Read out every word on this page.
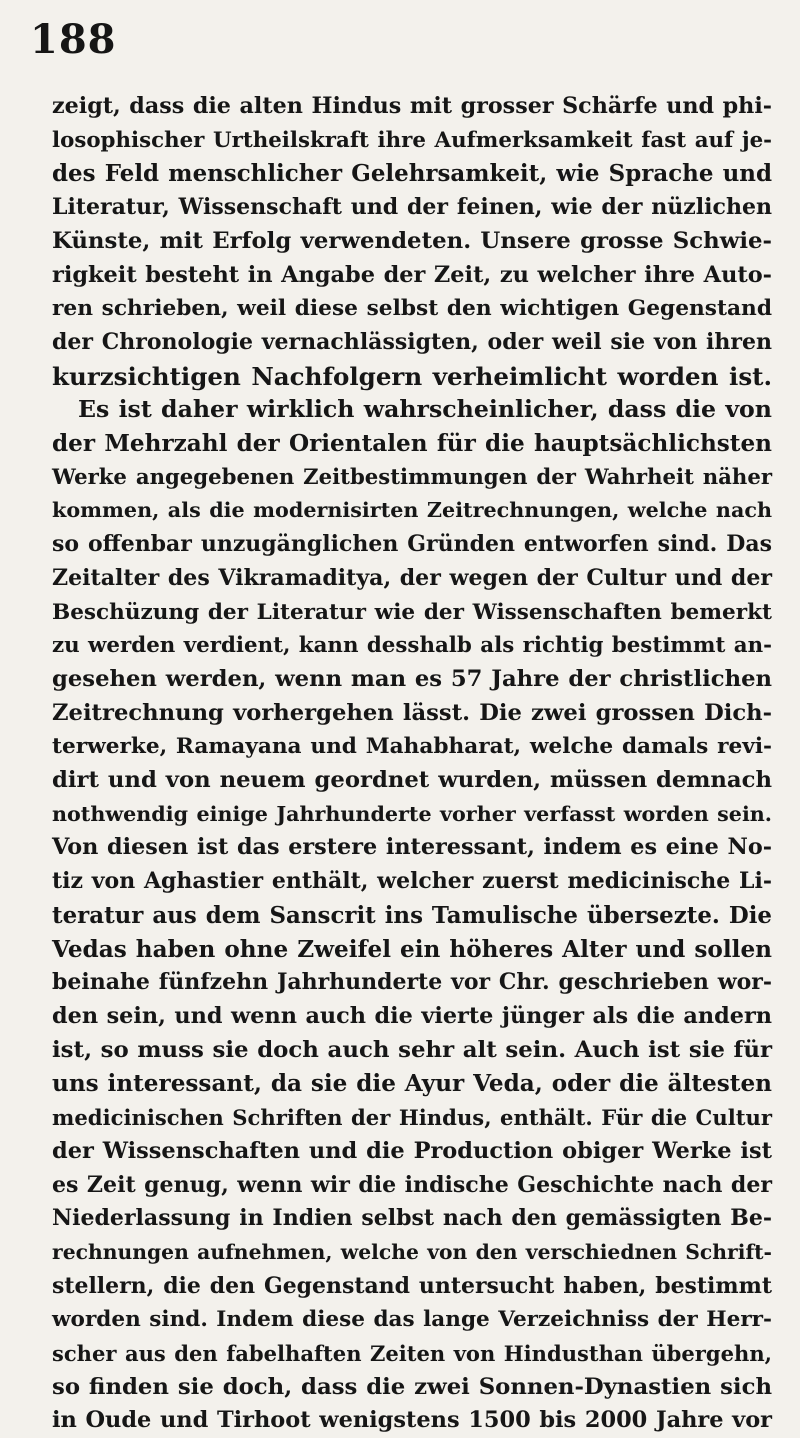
188
zeigt, dass die alten Hindus mit grosser Schärfe und phi-
losophischer Urtheilskraft ihre Aufmerksamkeit fast auf je-
des Feld menschlicher Gelehrsamkeit, wie Sprache und
Literatur, Wissenschaft und der feinen, wie der nüzlichen
Künste, mit Erfolg verwendeten. Unsere grosse Schwie-
rigkeit besteht in Angabe der Zeit, zu welcher ihre Auto-
ren schrieben, weil diese selbst den wichtigen Gegenstand
der Chronologie vernachlässigten, oder weil sie von ihren
kurzsichtigen Nachfolgern verheimlicht worden ist.
Es ist daher wirklich wahrscheinlicher, dass die von
der Mehrzahl der Orientalen für die hauptsächlichsten
Werke angegebenen Zeitbestimmungen der Wahrheit näher
kommen, als die modernisirten Zeitrechnungen, welche nach
so offenbar unzugänglichen Gründen entworfen sind. Das
Zeitalter des Vikramaditya, der wegen der Cultur und der
Beschüzung der Literatur wie der Wissenschaften bemerkt
zu werden verdient, kann desshalb als richtig bestimmt an-
gesehen werden, wenn man es 57 Jahre der christlichen
Zeitrechnung vorhergehen lässt. Die zwei grossen Dich-
terwerke, Ramayana und Mahabharat, welche damals revi-
dirt und von neuem geordnet wurden, müssen demnach
nothwendig einige Jahrhunderte vorher verfasst worden sein.
Von diesen ist das erstere interessant, indem es eine No-
tiz von Aghastier enthält, welcher zuerst medicinische Li-
teratur aus dem Sanscrit ins Tamulische übersezte. Die
Vedas haben ohne Zweifel ein höheres Alter und sollen
beinahe fünfzehn Jahrhunderte vor Chr. geschrieben wor-
den sein, und wenn auch die vierte jünger als die andern
ist, so muss sie doch auch sehr alt sein. Auch ist sie für
uns interessant, da sie die Ayur Veda, oder die ältesten
medicinischen Schriften der Hindus, enthält. Für die Cultur
der Wissenschaften und die Production obiger Werke ist
es Zeit genug, wenn wir die indische Geschichte nach der
Niederlassung in Indien selbst nach den gemässigten Be-
rechnungen aufnehmen, welche von den verschiednen Schrift-
stellern, die den Gegenstand untersucht haben, bestimmt
worden sind. Indem diese das lange Verzeichniss der Herr-
scher aus den fabelhaften Zeiten von Hindusthan übergehn,
so finden sie doch, dass die zwei Sonnen-Dynastien sich
in Oude und Tirhoot wenigstens 1500 bis 2000 Jahre vor
